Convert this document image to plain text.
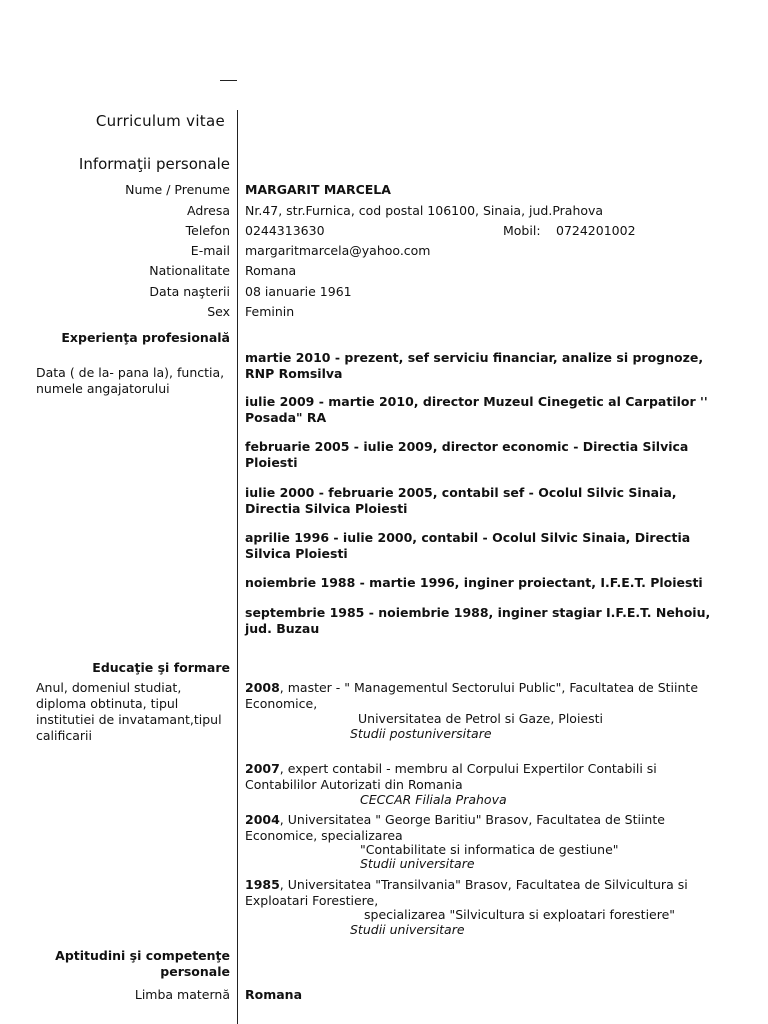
Curriculum vitae
Informaţii personale
Nume / Prenume MARGARIT MARCELA
Adresa Nr.47, str.Furnica, cod postal 106100, Sinaia, jud.Prahova
Telefon 0244313630	Mobil: 0724201002
E-mail margaritmarcela@yahoo.com
Nationalitate Romana
Data naşterii 08 ianuarie 1961
Sex Feminin
Experienţa profesională
Data ( de la- pana la), functia, numele angajatorului
martie 2010 - prezent, sef serviciu financiar, analize si prognoze, RNP Romsilva
iulie 2009 - martie 2010, director Muzeul Cinegetic al Carpatilor '' Posada" RA
februarie 2005 - iulie 2009, director economic - Directia Silvica Ploiesti
iulie 2000 - februarie 2005, contabil sef - Ocolul Silvic Sinaia, Directia Silvica Ploiesti
aprilie 1996 - iulie 2000, contabil - Ocolul Silvic Sinaia, Directia Silvica Ploiesti
noiembrie 1988 - martie 1996, inginer proiectant, I.F.E.T. Ploiesti
septembrie 1985 - noiembrie 1988, inginer stagiar I.F.E.T. Nehoiu, jud. Buzau
Educaţie şi formare
Anul, domeniul studiat, diploma obtinuta, tipul institutiei de invatamant,tipul calificarii
2008, master - " Managementul Sectorului Public", Facultatea de Stiinte Economice,
Universitatea de Petrol si Gaze, Ploiesti
Studii postuniversitare
2007, expert contabil - membru al Corpului Expertilor Contabili si Contabililor Autorizati din Romania
CECCAR Filiala Prahova
2004, Universitatea " George Baritiu" Brasov, Facultatea de Stiinte Economice, specializarea
"Contabilitate si informatica de gestiune"
Studii universitare
1985, Universitatea "Transilvania" Brasov, Facultatea de Silvicultura si Exploatari Forestiere,
specializarea "Silvicultura si exploatari forestiere"
Studii universitare
Aptitudini şi competenţe personale
Limba maternă Romana
